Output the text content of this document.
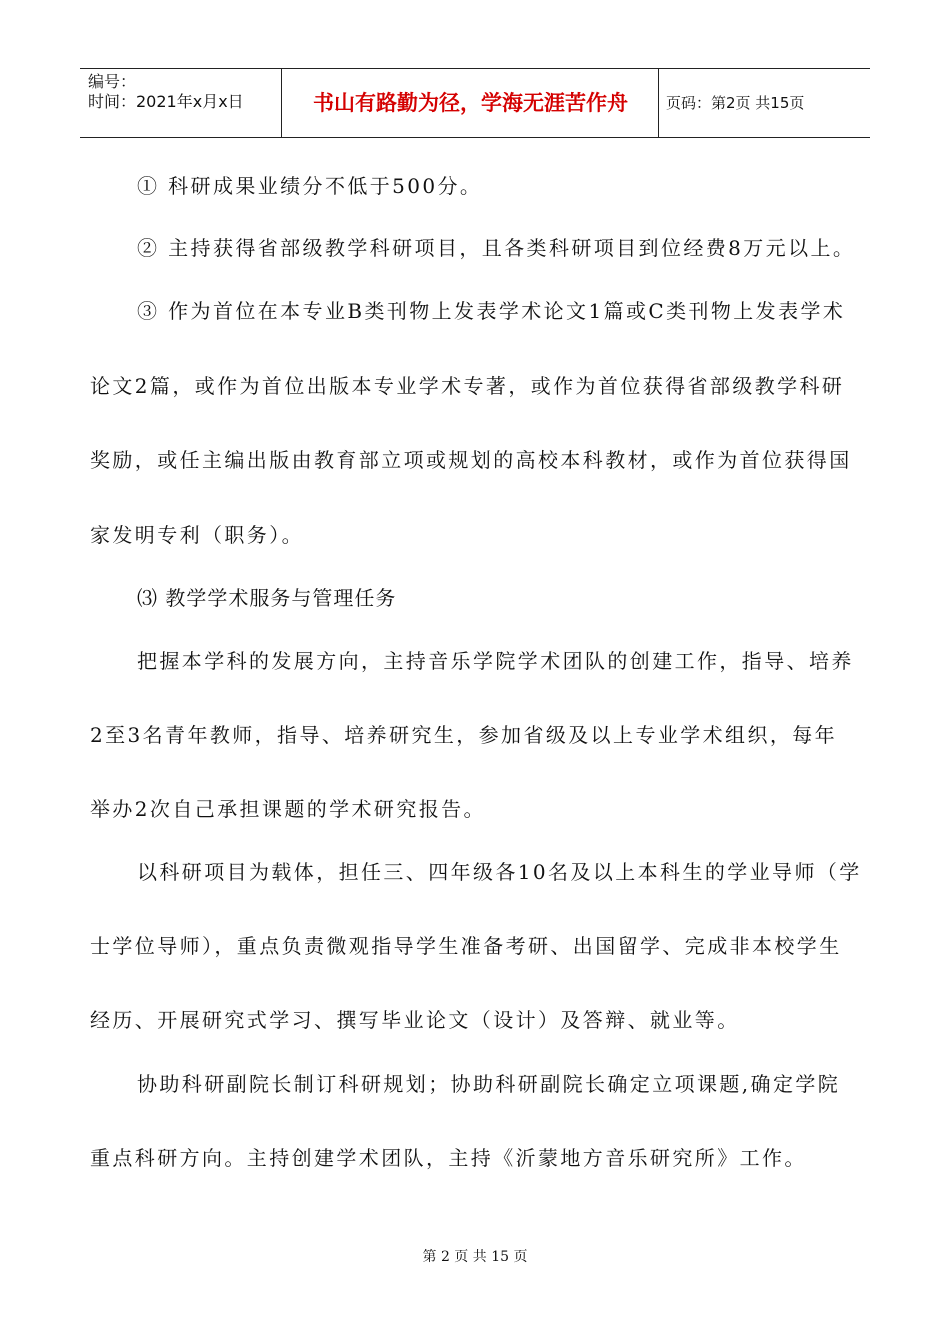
编号：
时间：2021年x月x日	书山有路勤为径，学海无涯苦作舟	页码：第2页 共15页
① 科研成果业绩分不低于500分。
② 主持获得省部级教学科研项目，且各类科研项目到位经费8万元以上。
③ 作为首位在本专业B类刊物上发表学术论文1篇或C类刊物上发表学术
论文2篇，或作为首位出版本专业学术专著，或作为首位获得省部级教学科研
奖励，或任主编出版由教育部立项或规划的高校本科教材，或作为首位获得国
家发明专利（职务）。
⑶ 教学学术服务与管理任务
把握本学科的发展方向，主持音乐学院学术团队的创建工作，指导、培养
2至3名青年教师，指导、培养研究生，参加省级及以上专业学术组织，每年
举办2次自己承担课题的学术研究报告。
以科研项目为载体，担任三、四年级各10名及以上本科生的学业导师（学
士学位导师），重点负责微观指导学生准备考研、出国留学、完成非本校学生
经历、开展研究式学习、撰写毕业论文（设计）及答辩、就业等。
协助科研副院长制订科研规划；协助科研副院长确定立项课题,确定学院
重点科研方向。主持创建学术团队，主持《沂蒙地方音乐研究所》工作。
第 2 页 共 15 页
